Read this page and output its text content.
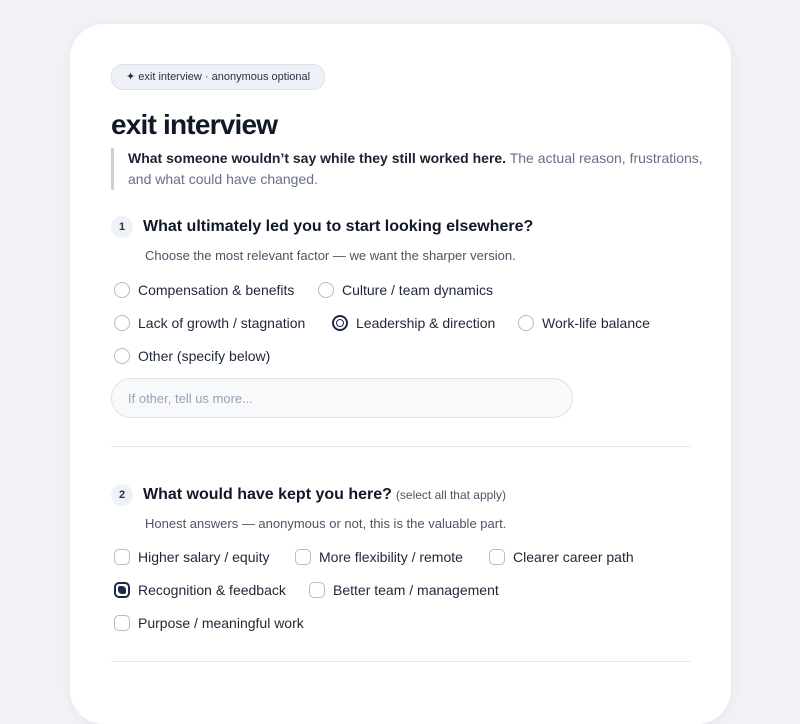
✦ exit interview · anonymous optional
exit interview
What someone wouldn’t say while they still worked here. The actual reason, frustrations, and what could have changed.
1	What ultimately led you to start looking elsewhere?
Choose the most relevant factor — we want the sharper version.
Compensation & benefits	Culture / team dynamics
Lack of growth / stagnation	Leadership & direction	Work-life balance
Other (specify below)
If other, tell us more...
2	What would have kept you here? (select all that apply)
Honest answers — anonymous or not, this is the valuable part.
Higher salary / equity	More flexibility / remote	Clearer career path
Recognition & feedback	Better team / management
Purpose / meaningful work
